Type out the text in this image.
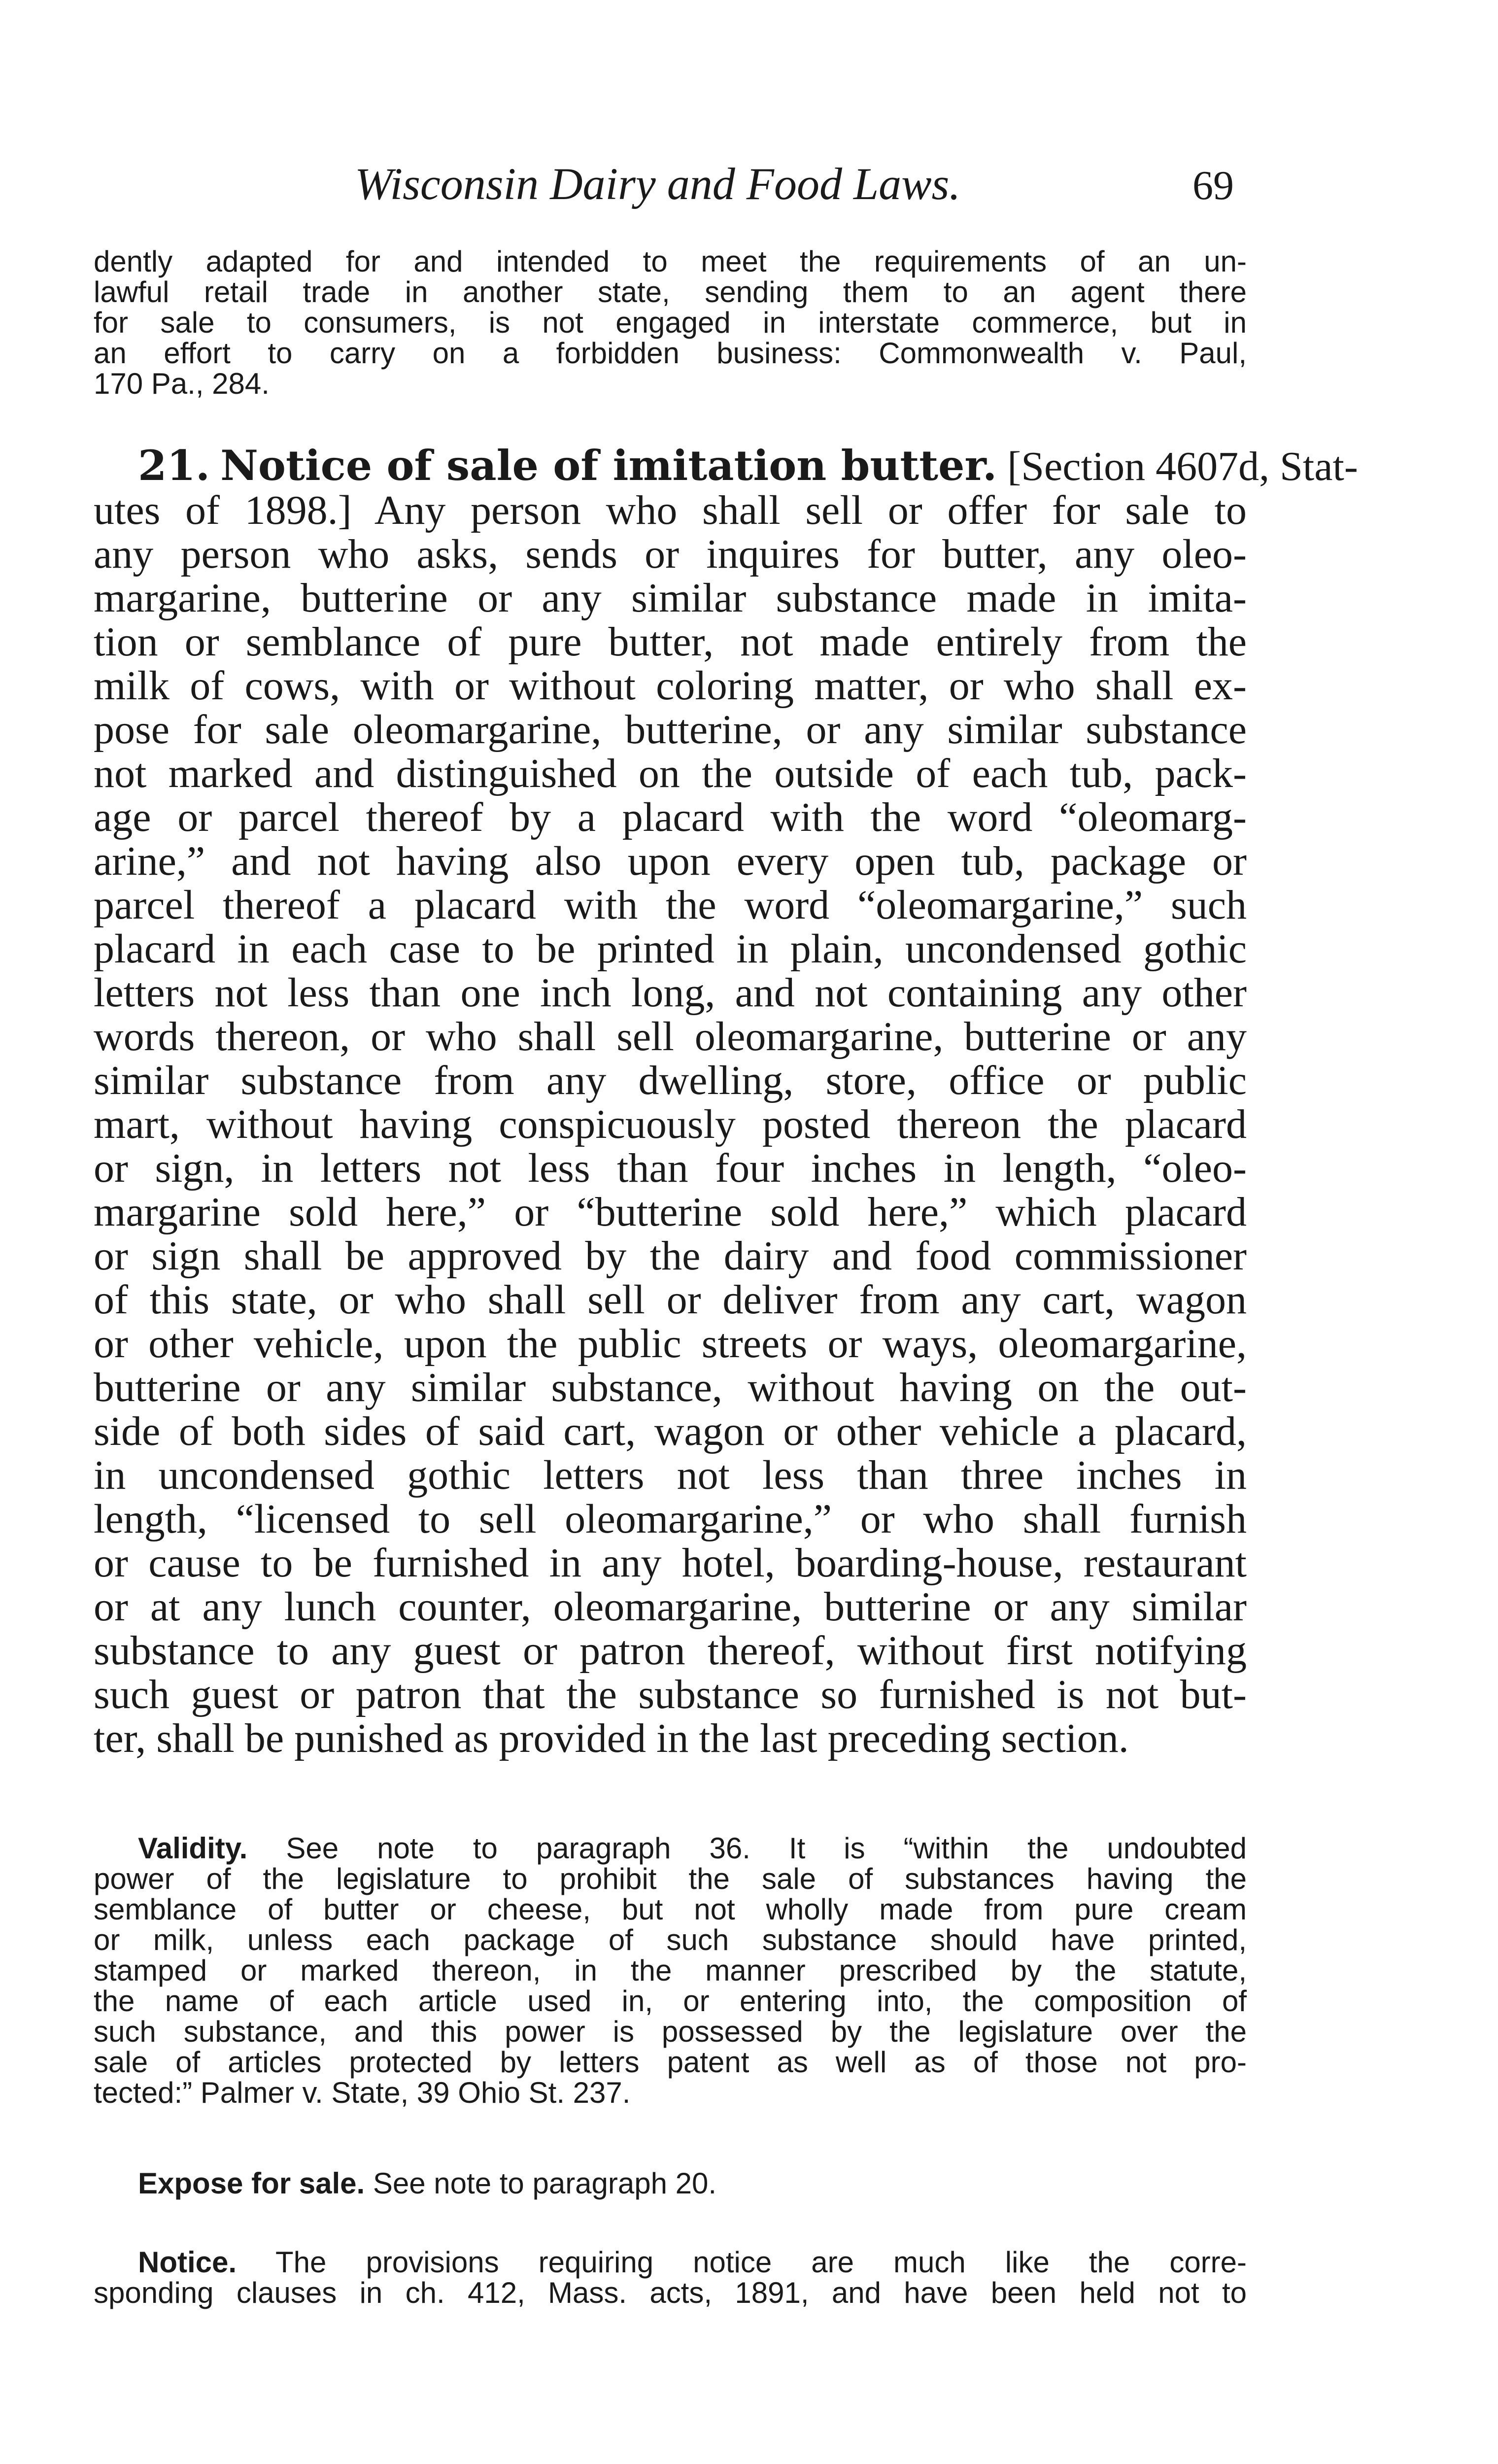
Wisconsin Dairy and Food Laws.	69
dently adapted for and intended to meet the requirements of an un-
lawful retail trade in another state, sending them to an agent there
for sale to consumers, is not engaged in interstate commerce, but in
an effort to carry on a forbidden business: Commonwealth v. Paul,
170 Pa., 284.
21. Notice of sale of imitation butter. [Section 4607d, Stat-
utes of 1898.] Any person who shall sell or offer for sale to
any person who asks, sends or inquires for butter, any oleo-
margarine, butterine or any similar substance made in imita-
tion or semblance of pure butter, not made entirely from the
milk of cows, with or without coloring matter, or who shall ex-
pose for sale oleomargarine, butterine, or any similar substance
not marked and distinguished on the outside of each tub, pack-
age or parcel thereof by a placard with the word “oleomarg-
arine,” and not having also upon every open tub, package or
parcel thereof a placard with the word “oleomargarine,” such
placard in each case to be printed in plain, uncondensed gothic
letters not less than one inch long, and not containing any other
words thereon, or who shall sell oleomargarine, butterine or any
similar substance from any dwelling, store, office or public
mart, without having conspicuously posted thereon the placard
or sign, in letters not less than four inches in length, “oleo-
margarine sold here,” or “butterine sold here,” which placard
or sign shall be approved by the dairy and food commissioner
of this state, or who shall sell or deliver from any cart, wagon
or other vehicle, upon the public streets or ways, oleomargarine,
butterine or any similar substance, without having on the out-
side of both sides of said cart, wagon or other vehicle a placard,
in uncondensed gothic letters not less than three inches in
length, “licensed to sell oleomargarine,” or who shall furnish
or cause to be furnished in any hotel, boarding-house, restaurant
or at any lunch counter, oleomargarine, butterine or any similar
substance to any guest or patron thereof, without first notifying
such guest or patron that the substance so furnished is not but-
ter, shall be punished as provided in the last preceding section.
Validity. See note to paragraph 36. It is “within the undoubted
power of the legislature to prohibit the sale of substances having the
semblance of butter or cheese, but not wholly made from pure cream
or milk, unless each package of such substance should have printed,
stamped or marked thereon, in the manner prescribed by the statute,
the name of each article used in, or entering into, the composition of
such substance, and this power is possessed by the legislature over the
sale of articles protected by letters patent as well as of those not pro-
tected:” Palmer v. State, 39 Ohio St. 237.
Expose for sale. See note to paragraph 20.
Notice. The provisions requiring notice are much like the corre-
sponding clauses in ch. 412, Mass. acts, 1891, and have been held not to
